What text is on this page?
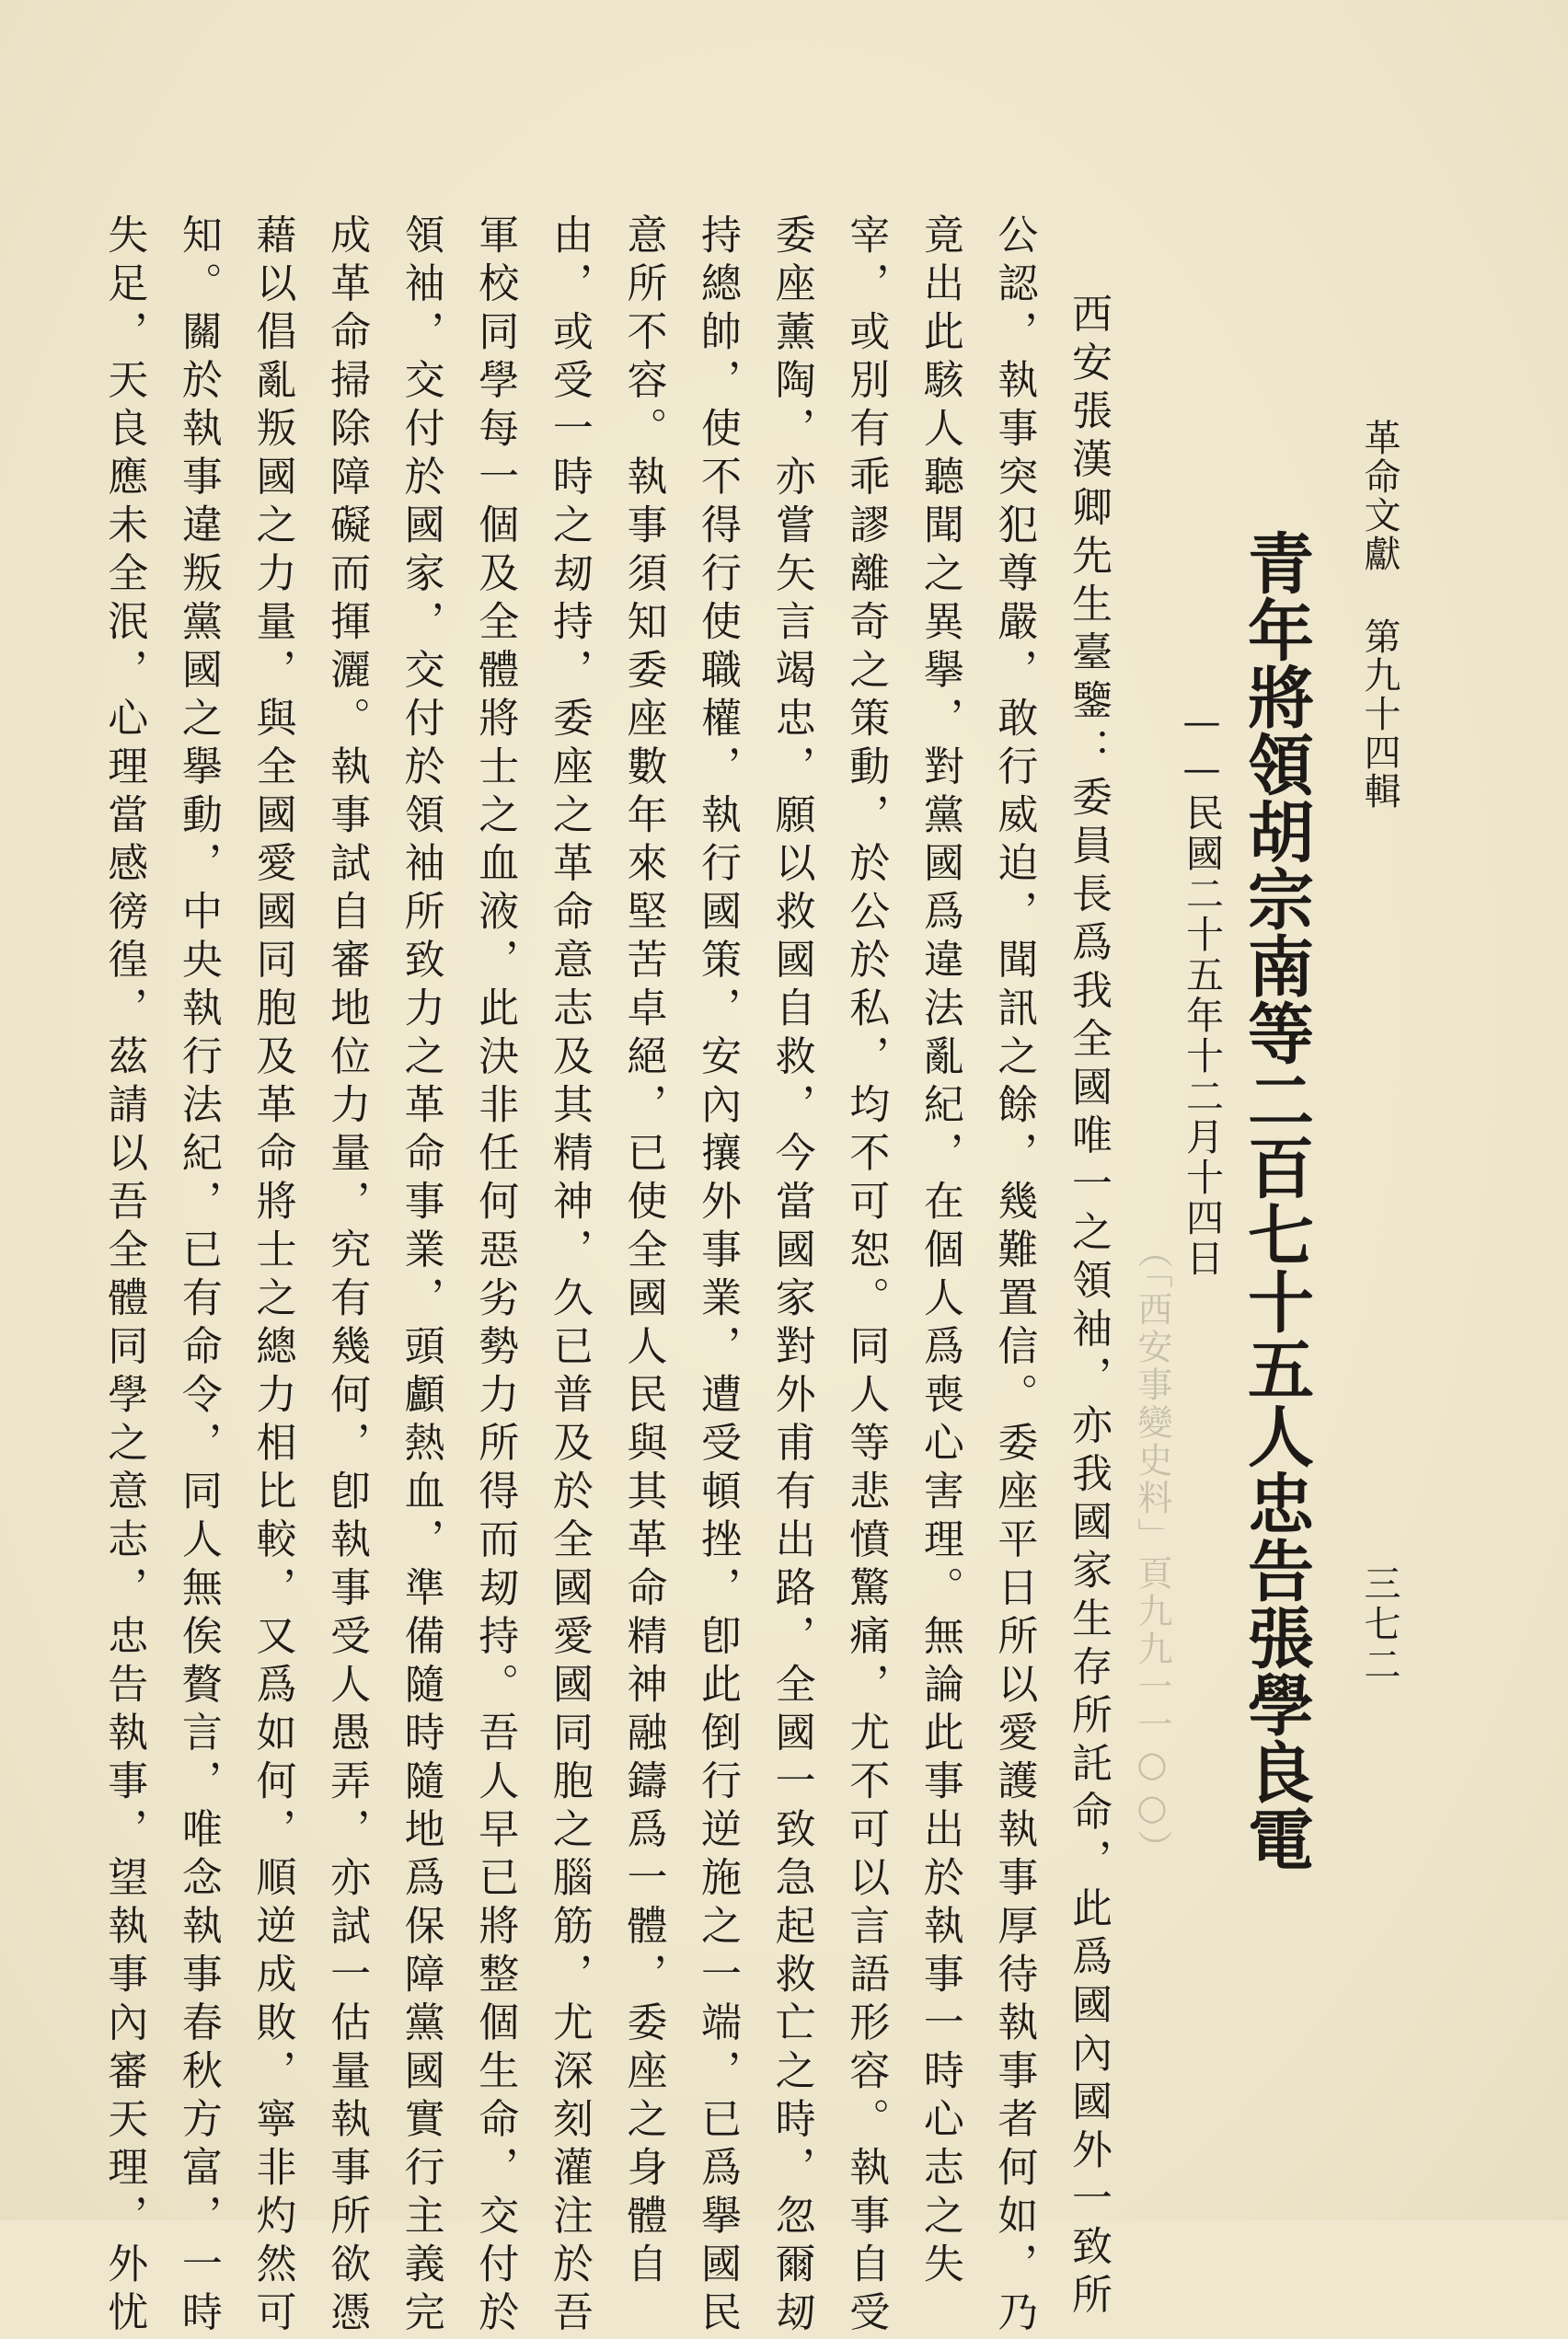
革命文獻 第九十四輯
三七二
青年將領胡宗南等二百七十五人忠告張學良電
——民國二十五年十二月十四日
（「西安事變史料」頁九九一一○○）
西安張漢卿先生臺鑒：委員長爲我全國唯一之領袖，亦我國家生存所託命，此爲國內國外一致所
公認，執事突犯尊嚴，敢行威迫，聞訊之餘，幾難置信。委座平日所以愛護執事厚待執事者何如，乃
竟出此駭人聽聞之異擧，對黨國爲違法亂紀，在個人爲喪心害理。無論此事出於執事一時心志之失
宰，或別有乖謬離奇之策動，於公於私，均不可恕。同人等悲憤驚痛，尤不可以言語形容。執事自受
委座薰陶，亦嘗矢言竭忠，願以救國自救，今當國家對外甫有出路，全國一致急起救亡之時，忽爾刼
持總帥，使不得行使職權，執行國策，安內攘外事業，遭受頓挫，卽此倒行逆施之一端，已爲擧國民
意所不容。執事須知委座數年來堅苦卓絕，已使全國人民與其革命精神融鑄爲一體，委座之身體自
由，或受一時之刼持，委座之革命意志及其精神，久已普及於全國愛國同胞之腦筋，尤深刻灌注於吾
軍校同學每一個及全體將士之血液，此決非任何惡劣勢力所得而刼持。吾人早已將整個生命，交付於
領袖，交付於國家，交付於領袖所致力之革命事業，頭顱熱血，準備隨時隨地爲保障黨國實行主義完
成革命掃除障礙而揮灑。執事試自審地位力量，究有幾何，卽執事受人愚弄，亦試一估量執事所欲憑
藉以倡亂叛國之力量，與全國愛國同胞及革命將士之總力相比較，又爲如何，順逆成敗，寧非灼然可
知。關於執事違叛黨國之擧動，中央執行法紀，已有命令，同人無俟贅言，唯念執事春秋方富，一時
失足，天良應未全泯，心理當感徬徨，茲請以吾全體同學之意志，忠告執事，望執事內審天理，外忧
